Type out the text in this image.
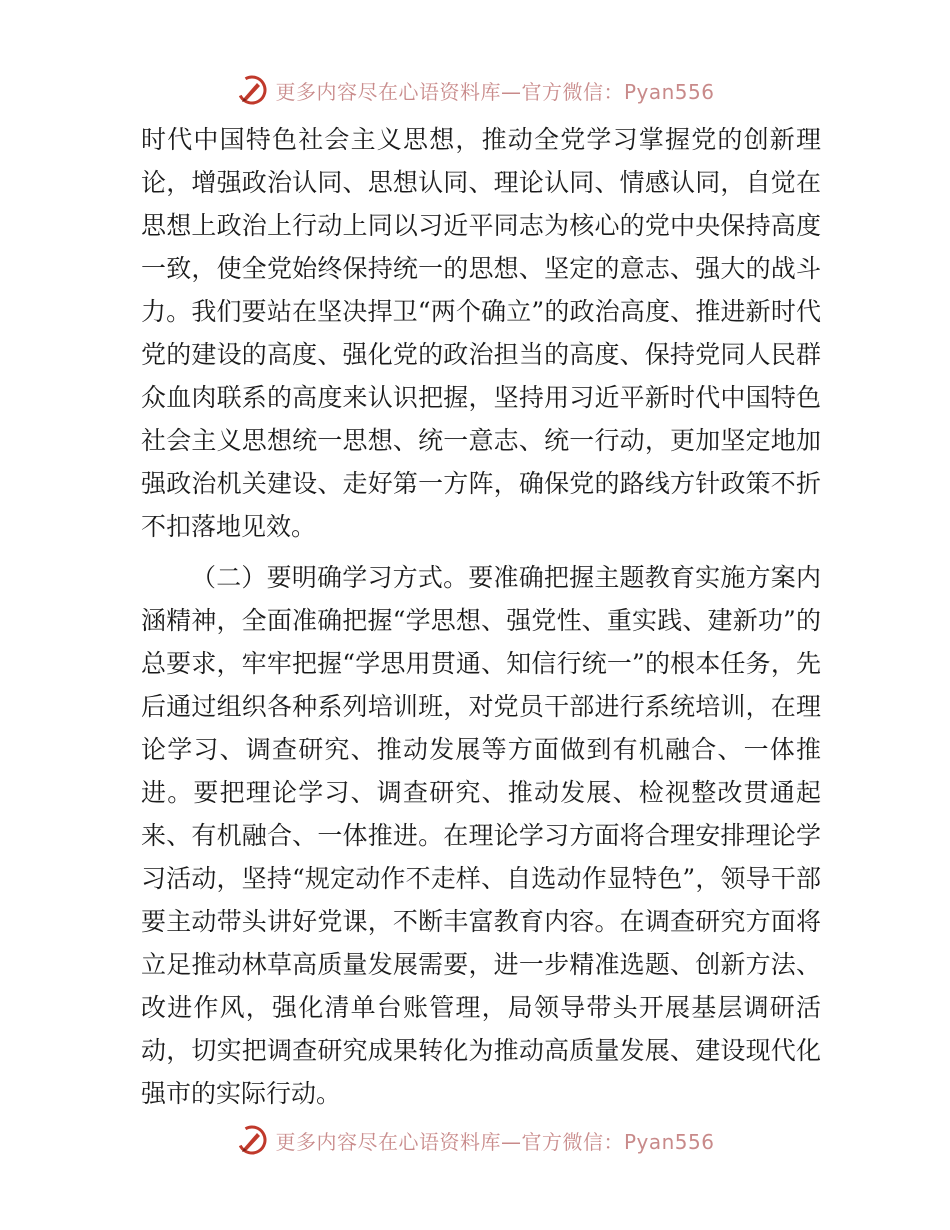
更多内容尽在心语资料库—官方微信：Pyan556

时代中国特色社会主义思想，推动全党学习掌握党的创新理论，增强政治认同、思想认同、理论认同、情感认同，自觉在思想上政治上行动上同以习近平同志为核心的党中央保持高度一致，使全党始终保持统一的思想、坚定的意志、强大的战斗力。我们要站在坚决捍卫“两个确立”的政治高度、推进新时代党的建设的高度、强化党的政治担当的高度、保持党同人民群众血肉联系的高度来认识把握，坚持用习近平新时代中国特色社会主义思想统一思想、统一意志、统一行动，更加坚定地加强政治机关建设、走好第一方阵，确保党的路线方针政策不折不扣落地见效。

（二）要明确学习方式。要准确把握主题教育实施方案内涵精神，全面准确把握“学思想、强党性、重实践、建新功”的总要求，牢牢把握“学思用贯通、知信行统一”的根本任务，先后通过组织各种系列培训班，对党员干部进行系统培训，在理论学习、调查研究、推动发展等方面做到有机融合、一体推进。要把理论学习、调查研究、推动发展、检视整改贯通起来、有机融合、一体推进。在理论学习方面将合理安排理论学习活动，坚持“规定动作不走样、自选动作显特色”，领导干部要主动带头讲好党课，不断丰富教育内容。在调查研究方面将立足推动林草高质量发展需要，进一步精准选题、创新方法、改进作风，强化清单台账管理，局领导带头开展基层调研活动，切实把调查研究成果转化为推动高质量发展、建设现代化强市的实际行动。

更多内容尽在心语资料库—官方微信：Pyan556
